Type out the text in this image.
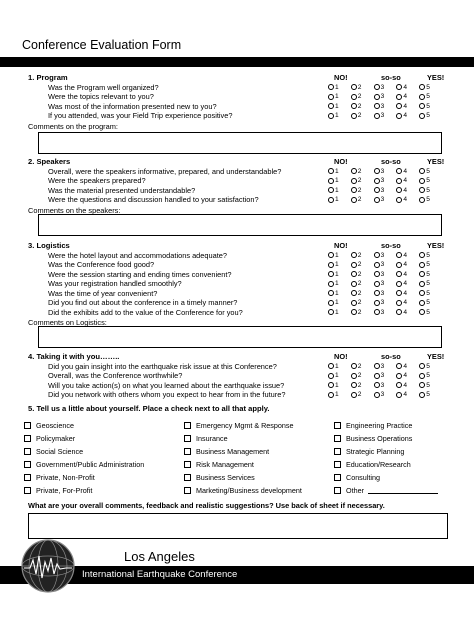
Conference Evaluation Form
1. Program	NO!	so-so	YES!
Was the Program well organized?	1	2	3	4	5
Were the topics relevant to you?	1	2	3	4	5
Was most of the information presented new to you?	1	2	3	4	5
If you attended, was your Field Trip experience positive?	1	2	3	4	5
Comments on the program:
2. Speakers	NO!	so-so	YES!
Overall, were the speakers informative, prepared, and understandable?	1	2	3	4	5
Were the speakers prepared?	1	2	3	4	5
Was the material presented understandable?	1	2	3	4	5
Were the questions and discussion handled to your satisfaction?	1	2	3	4	5
Comments on the speakers:
3. Logistics	NO!	so-so	YES!
Were the hotel layout and accommodations adequate?	1	2	3	4	5
Was the Conference food good?	1	2	3	4	5
Were the session starting and ending times convenient?	1	2	3	4	5
Was your registration handled smoothly?	1	2	3	4	5
Was the time of year convenient?	1	2	3	4	5
Did you find out about the conference in a timely manner?	1	2	3	4	5
Did the exhibits add to the value of the Conference for you?	1	2	3	4	5
Comments on Logistics:
4. Taking it with you……..	NO!	so-so	YES!
Did you gain insight into the earthquake risk issue at this Conference?	1	2	3	4	5
Overall, was the Conference worthwhile?	1	2	3	4	5
Will you take action(s) on what you learned about the earthquake issue?	1	2	3	4	5
Did you network with others whom you expect to hear from in the future?	1	2	3	4	5
5. Tell us a little about yourself. Place a check next to all that apply.
Geoscience
Policymaker
Social Science
Government/Public Administration
Private, Non-Profit
Private, For-Profit
Emergency Mgmt & Response
Insurance
Business Management
Risk Management
Business Services
Marketing/Business development
Engineering Practice
Business Operations
Strategic Planning
Education/Research
Consulting
Other
What are your overall comments, feedback and realistic suggestions? Use back of sheet if necessary.
Los Angeles
International Earthquake Conference
